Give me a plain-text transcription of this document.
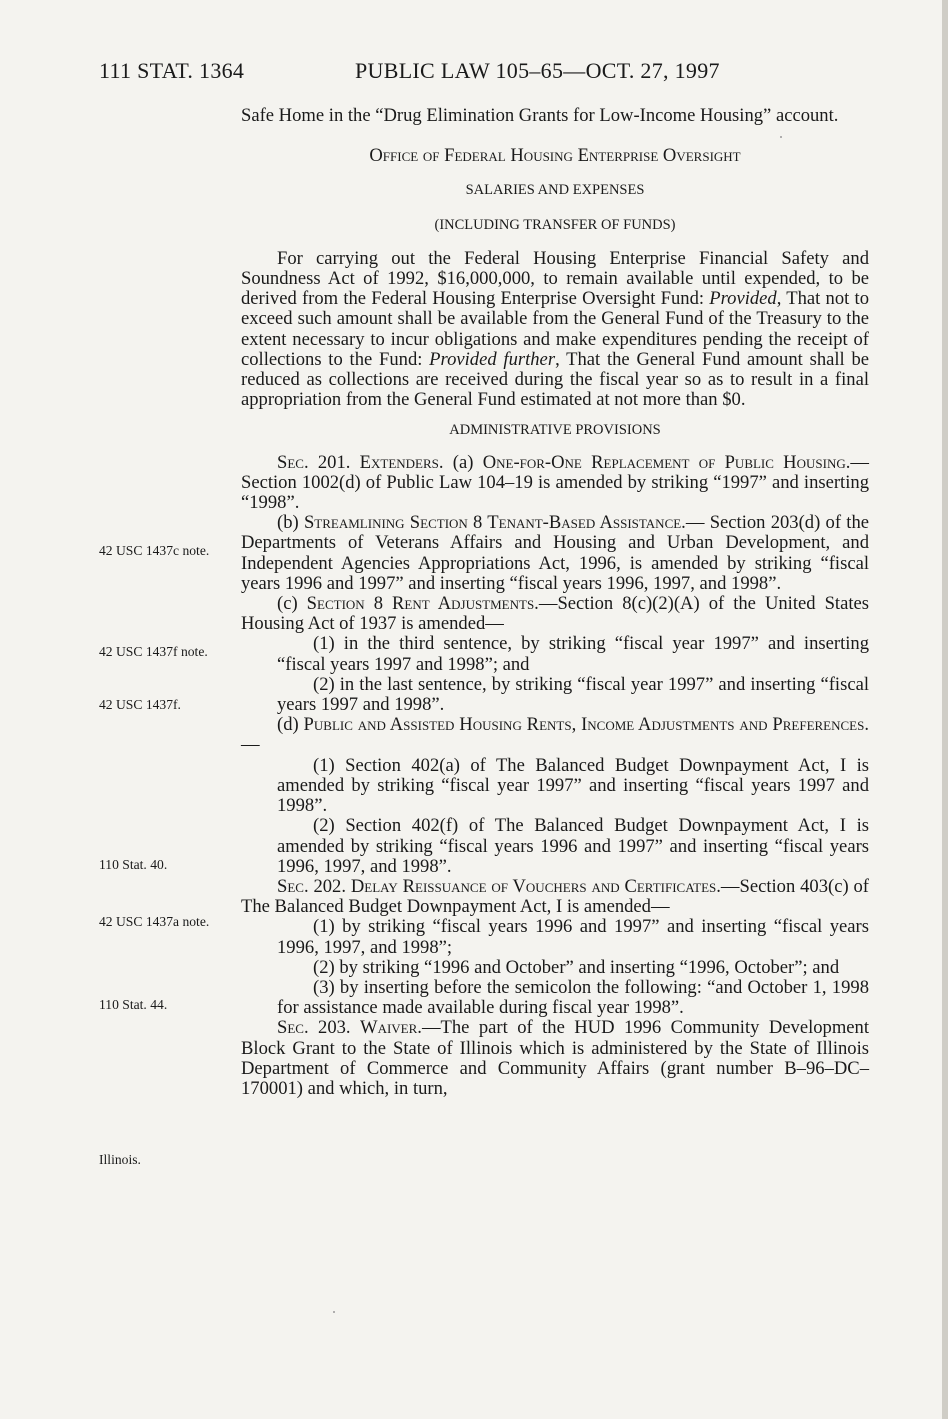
111 STAT. 1364	PUBLIC LAW 105–65—OCT. 27, 1997
42 USC 1437c note.
42 USC 1437f note.
42 USC 1437f.
110 Stat. 40.
42 USC 1437a note.
110 Stat. 44.
Illinois.

Safe Home in the “Drug Elimination Grants for Low-Income Housing” account.

Office of Federal Housing Enterprise Oversight

SALARIES AND EXPENSES

(INCLUDING TRANSFER OF FUNDS)

For carrying out the Federal Housing Enterprise Financial Safety and Soundness Act of 1992, $16,000,000, to remain available until expended, to be derived from the Federal Housing Enterprise Oversight Fund: Provided, That not to exceed such amount shall be available from the General Fund of the Treasury to the extent necessary to incur obligations and make expenditures pending the receipt of collections to the Fund: Provided further, That the General Fund amount shall be reduced as collections are received during the fiscal year so as to result in a final appropriation from the General Fund estimated at not more than $0.

ADMINISTRATIVE PROVISIONS

Sec. 201. Extenders. (a) One-for-One Replacement of Public Housing.—Section 1002(d) of Public Law 104–19 is amended by striking “1997” and inserting “1998”.

(b) Streamlining Section 8 Tenant-Based Assistance.— Section 203(d) of the Departments of Veterans Affairs and Housing and Urban Development, and Independent Agencies Appropriations Act, 1996, is amended by striking “fiscal years 1996 and 1997” and inserting “fiscal years 1996, 1997, and 1998”.

(c) Section 8 Rent Adjustments.—Section 8(c)(2)(A) of the United States Housing Act of 1937 is amended—

(1) in the third sentence, by striking “fiscal year 1997” and inserting “fiscal years 1997 and 1998”; and

(2) in the last sentence, by striking “fiscal year 1997” and inserting “fiscal years 1997 and 1998”.

(d) Public and Assisted Housing Rents, Income Adjustments and Preferences.—

(1) Section 402(a) of The Balanced Budget Downpayment Act, I is amended by striking “fiscal year 1997” and inserting “fiscal years 1997 and 1998”.

(2) Section 402(f) of The Balanced Budget Downpayment Act, I is amended by striking “fiscal years 1996 and 1997” and inserting “fiscal years 1996, 1997, and 1998”.

Sec. 202. Delay Reissuance of Vouchers and Certificates.—Section 403(c) of The Balanced Budget Downpayment Act, I is amended—

(1) by striking “fiscal years 1996 and 1997” and inserting “fiscal years 1996, 1997, and 1998”;

(2) by striking “1996 and October” and inserting “1996, October”; and

(3) by inserting before the semicolon the following: “and October 1, 1998 for assistance made available during fiscal year 1998”.

Sec. 203. Waiver.—The part of the HUD 1996 Community Development Block Grant to the State of Illinois which is administered by the State of Illinois Department of Commerce and Community Affairs (grant number B–96–DC–170001) and which, in turn,
